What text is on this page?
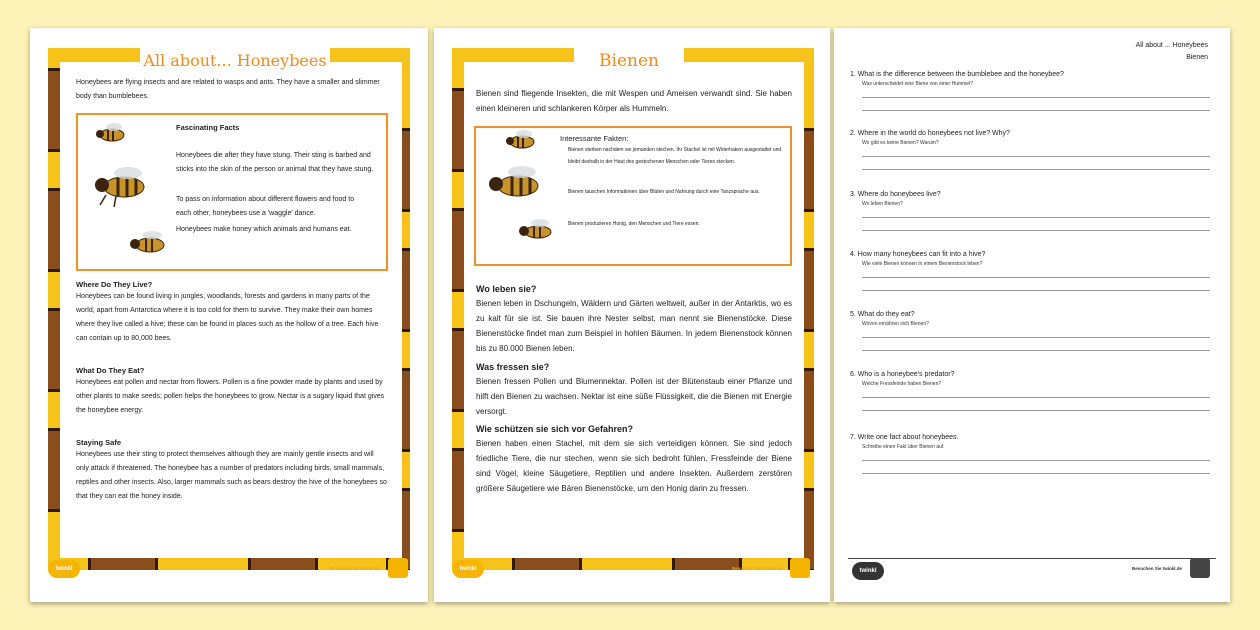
All about... Honeybees
Honeybees are flying insects and are related to wasps and ants. They have a smaller and slimmer body than bumblebees.
Fascinating Facts
Honeybees die after they have stung. Their sting is barbed and sticks into the skin of the person or animal that they have stung.
To pass on information about different flowers and food to each other, honeybees use a 'waggle' dance.
Honeybees make honey which animals and humans eat.
Where Do They Live?
Honeybees can be found living in jungles, woodlands, forests and gardens in many parts of the world, apart from Antarctica where it is too cold for them to survive. They make their own homes where they live called a hive; these can be found in places such as the hollow of a tree. Each hive can contain up to 80,000 bees.
What Do They Eat?
Honeybees eat pollen and nectar from flowers. Pollen is a fine powder made by plants and used by other plants to make seeds; pollen helps the honeybees to grow. Nectar is a sugary liquid that gives the honeybee energy.
Staying Safe
Honeybees use their sting to protect themselves although they are mainly gentle insects and will only attack if threatened. The honeybee has a number of predators including birds, small mammals, reptiles and other insects. Also, larger mammals such as bears destroy the hive of the honeybees so that they can eat the honey inside.
twinkl	Besuchen Sie twinkl.de
Bienen
Bienen sind fliegende Insekten, die mit Wespen und Ameisen verwandt sind. Sie haben einen kleineren und schlankeren Körper als Hummeln.
Interessante Fakten:
Bienen sterben nachdem sie jemanden stechen. Ihr Stachel ist mit Widerhaken ausgestattet und bleibt deshalb in der Haut des gestochenen Menschen oder Tieres stecken.
Bienen tauschen Informationen über Blüten und Nahrung durch eine Tanzsprache aus.
Bienen produzieren Honig, den Menschen und Tiere essen.
Wo leben sie?
Bienen leben in Dschungeln, Wäldern und Gärten weltweit, außer in der Antarktis, wo es zu kalt für sie ist. Sie bauen ihre Nester selbst, man nennt sie Bienenstöcke. Diese Bienenstöcke findet man zum Beispiel in hohlen Bäumen. In jedem Bienenstock können bis zu 80.000 Bienen leben.
Was fressen sie?
Bienen fressen Pollen und Blumennektar. Pollen ist der Blütenstaub einer Pflanze und hilft den Bienen zu wachsen. Nektar ist eine süße Flüssigkeit, die die Bienen mit Energie versorgt.
Wie schützen sie sich vor Gefahren?
Bienen haben einen Stachel, mit dem sie sich verteidigen können. Sie sind jedoch friedliche Tiere, die nur stechen, wenn sie sich bedroht fühlen. Fressfeinde der Biene sind Vögel, kleine Säugetiere, Reptilien und andere Insekten. Außerdem zerstören größere Säugetiere wie Bären Bienenstöcke, um den Honig darin zu fressen.
twinkl	Besuchen Sie twinkl.de
All about ... Honeybees
Bienen
1. What is the difference between the bumblebee and the honeybee?
Was unterscheidet eine Biene von einer Hummel?
2. Where in the world do honeybees not live? Why?
Wo gibt es keine Bienen? Warum?
3. Where do honeybees live?
Wo leben Bienen?
4. How many honeybees can fit into a hive?
Wie viele Bienen können in einem Bienenstock leben?
5. What do they eat?
Wovon ernähren sich Bienen?
6. Who is a honeybee's predator?
Welche Fressfeinde haben Bienen?
7. Write one fact about honeybees.
Schreibe einen Fakt über Bienen auf.
twinkl	Besuchen Sie twinkl.de
